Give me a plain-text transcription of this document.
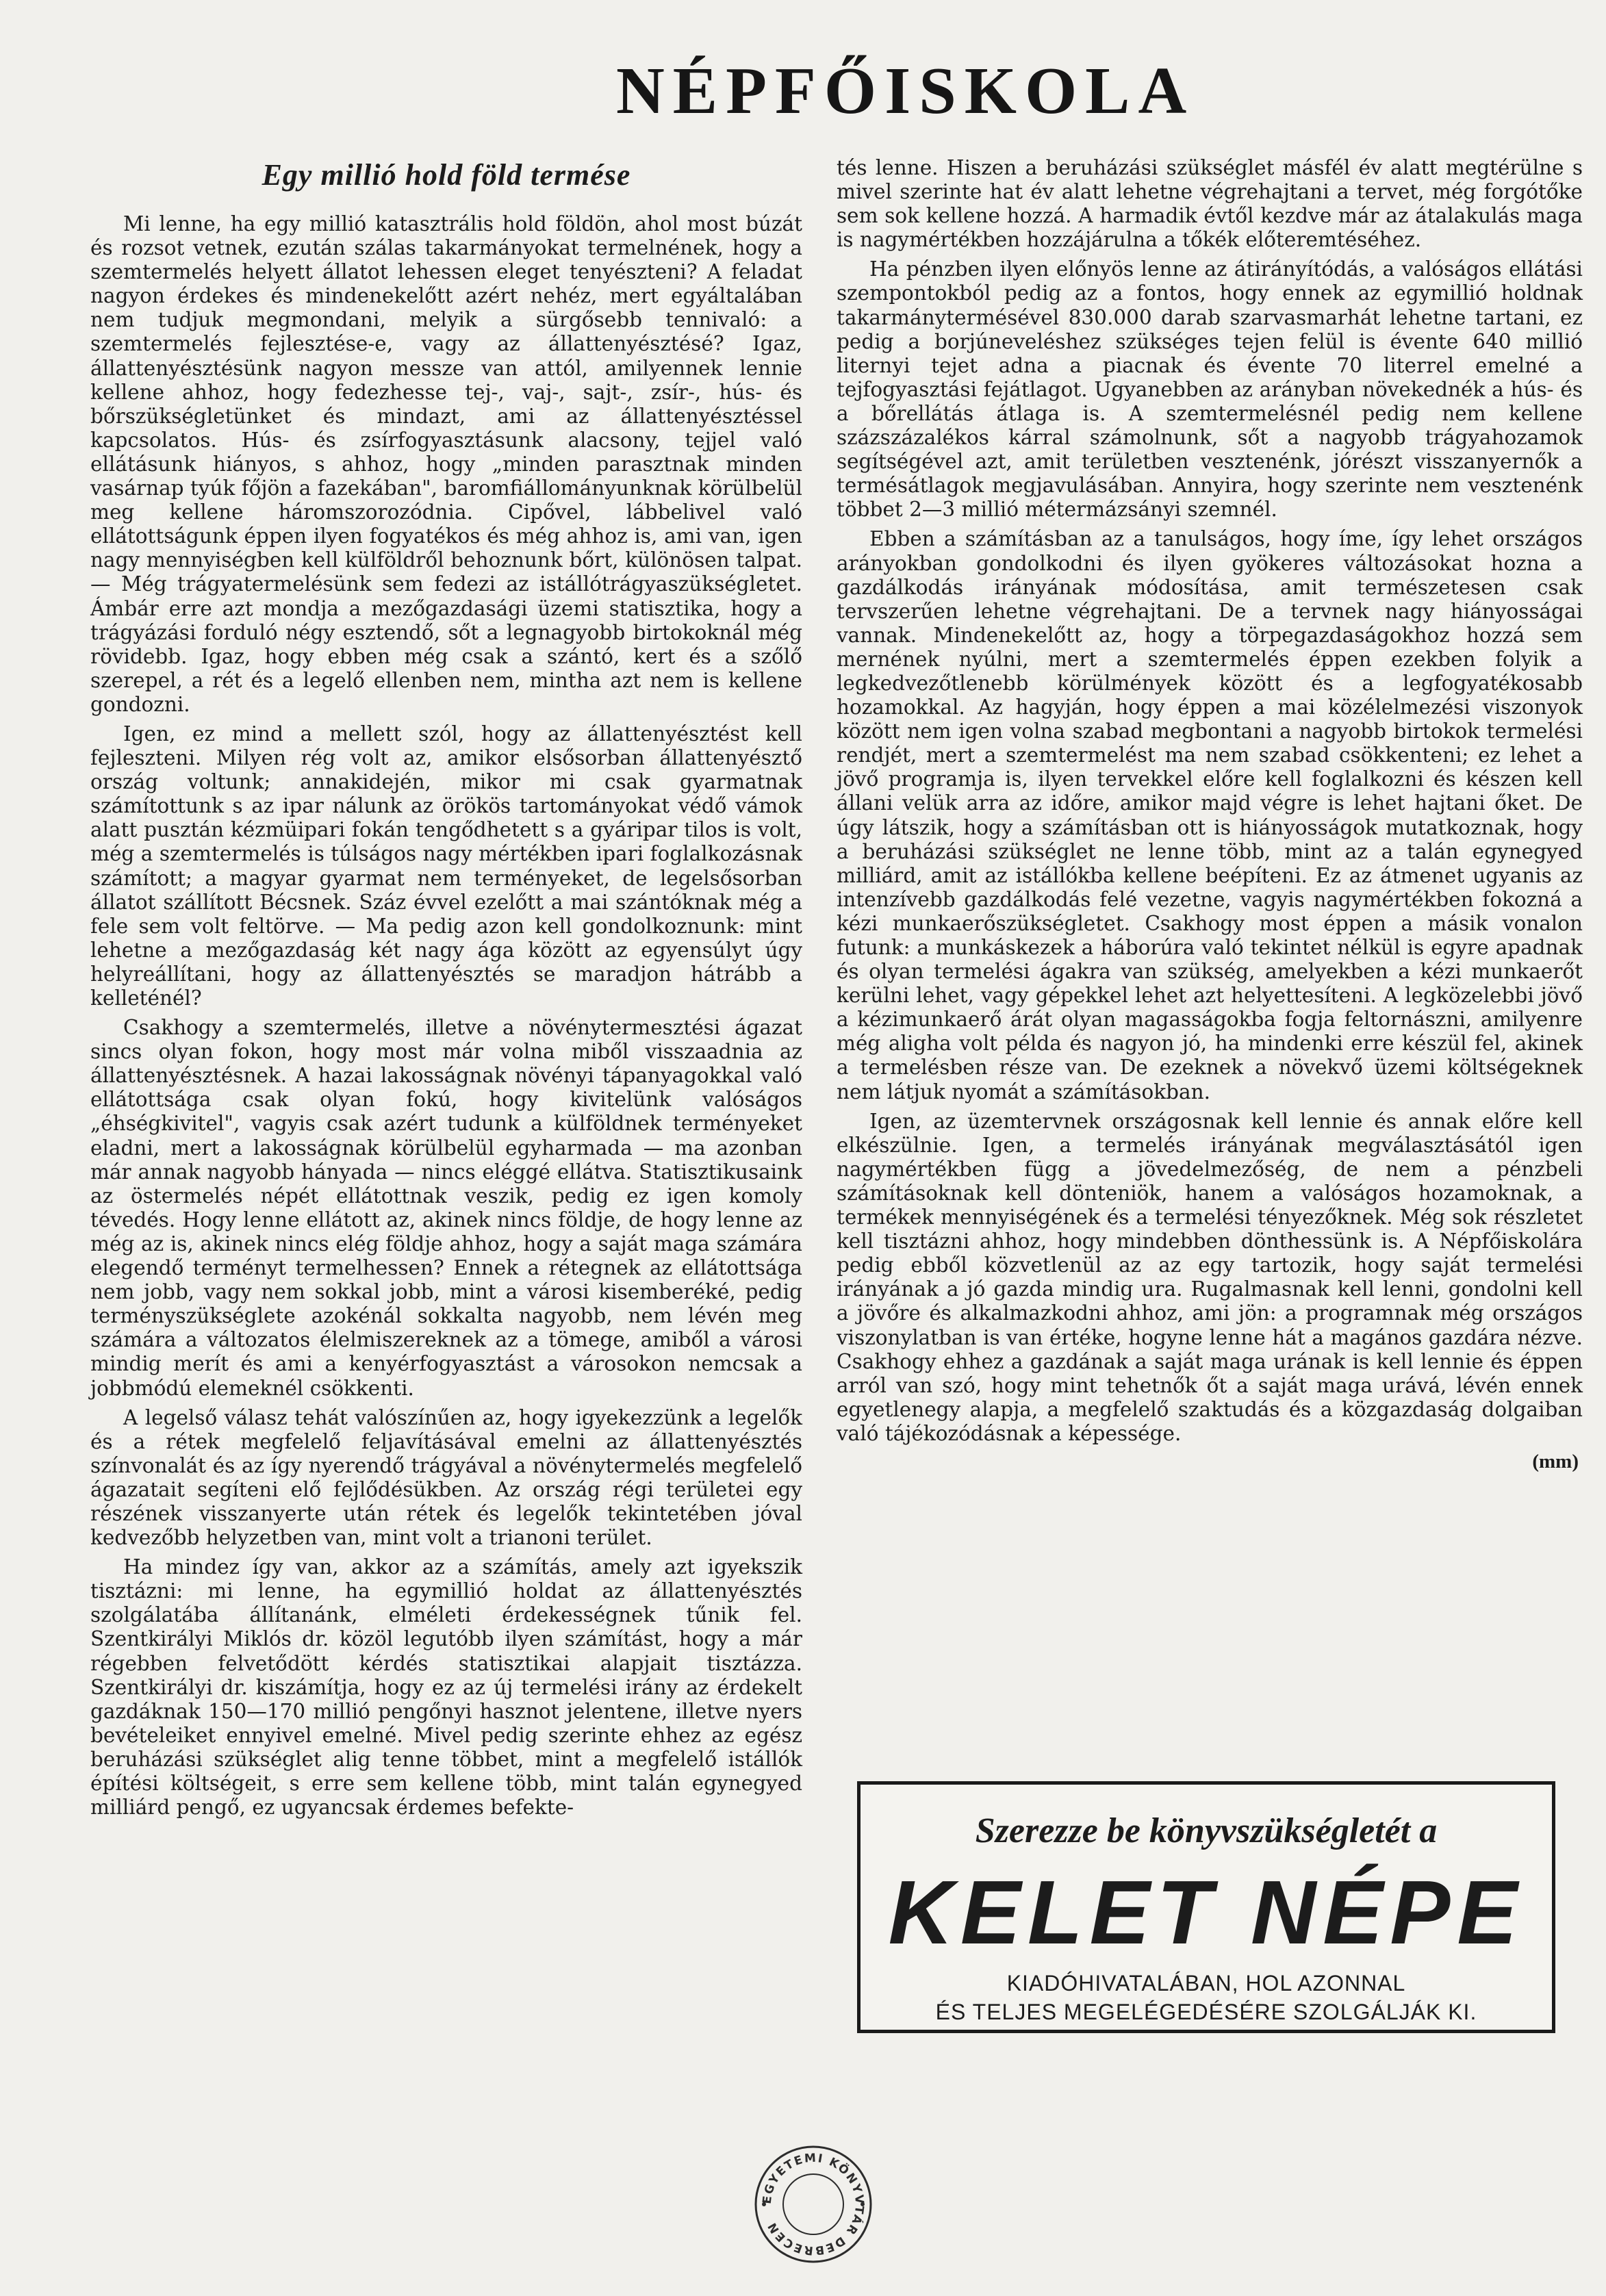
NÉPFŐISKOLA
Egy millió hold föld termése

Mi lenne, ha egy millió katasztrális hold földön, ahol most búzát és rozsot vetnek, ezután szálas takarmányokat termelnének, hogy a szemtermelés helyett állatot lehessen eleget tenyészteni? A feladat nagyon érdekes és mindenekelőtt azért nehéz, mert egyáltalában nem tudjuk megmondani, melyik a sürgősebb tennivaló: a szemtermelés fejlesztése-e, vagy az állattenyésztésé? Igaz, állattenyésztésünk nagyon messze van attól, amilyennek lennie kellene ahhoz, hogy fedezhesse tej-, vaj-, sajt-, zsír-, hús- és bőrszükségletünket és mindazt, ami az állattenyésztéssel kapcsolatos. Hús- és zsírfogyasztásunk alacsony, tejjel való ellátásunk hiányos, s ahhoz, hogy „minden parasztnak minden vasárnap tyúk főjön a fazekában", baromfiállományunknak körülbelül meg kellene háromszorozódnia. Cipővel, lábbelivel való ellátottságunk éppen ilyen fogyatékos és még ahhoz is, ami van, igen nagy mennyiségben kell külföldről behoznunk bőrt, különösen talpat. — Még trágyatermelésünk sem fedezi az istállótrágyaszükségletet. Ámbár erre azt mondja a mezőgazdasági üzemi statisztika, hogy a trágyázási forduló négy esztendő, sőt a legnagyobb birtokoknál még rövidebb. Igaz, hogy ebben még csak a szántó, kert és a szőlő szerepel, a rét és a legelő ellenben nem, mintha azt nem is kellene gondozni.

Igen, ez mind a mellett szól, hogy az állattenyésztést kell fejleszteni. Milyen rég volt az, amikor elsősorban állattenyésztő ország voltunk; annakidején, mikor mi csak gyarmatnak számítottunk s az ipar nálunk az örökös tartományokat védő vámok alatt pusztán kézmüipari fokán tengődhetett s a gyáripar tilos is volt, még a szemtermelés is túlságos nagy mértékben ipari foglalkozásnak számított; a magyar gyarmat nem terményeket, de legelsősorban állatot szállított Bécsnek. Száz évvel ezelőtt a mai szántóknak még a fele sem volt feltörve. — Ma pedig azon kell gondolkoznunk: mint lehetne a mezőgazdaság két nagy ága között az egyensúlyt úgy helyreállítani, hogy az állattenyésztés se maradjon hátrább a kelleténél?

Csakhogy a szemtermelés, illetve a növénytermesztési ágazat sincs olyan fokon, hogy most már volna miből visszaadnia az állattenyésztésnek. A hazai lakosságnak növényi tápanyagokkal való ellátottsága csak olyan fokú, hogy kivitelünk valóságos „éhségkivitel", vagyis csak azért tudunk a külföldnek terményeket eladni, mert a lakosságnak körülbelül egyharmada — ma azonban már annak nagyobb hányada — nincs eléggé ellátva. Statisztikusaink az östermelés népét ellátottnak veszik, pedig ez igen komoly tévedés. Hogy lenne ellátott az, akinek nincs földje, de hogy lenne az még az is, akinek nincs elég földje ahhoz, hogy a saját maga számára elegendő terményt termelhessen? Ennek a rétegnek az ellátottsága nem jobb, vagy nem sokkal jobb, mint a városi kisemberéké, pedig terményszükséglete azokénál sokkalta nagyobb, nem lévén meg számára a változatos élelmiszereknek az a tömege, amiből a városi mindig merít és ami a kenyérfogyasztást a városokon nemcsak a jobbmódú elemeknél csökkenti.

A legelső válasz tehát valószínűen az, hogy igyekezzünk a legelők és a rétek megfelelő feljavításával emelni az állattenyésztés színvonalát és az így nyerendő trágyával a növénytermelés megfelelő ágazatait segíteni elő fejlődésükben. Az ország régi területei egy részének visszanyerte után rétek és legelők tekintetében jóval kedvezőbb helyzetben van, mint volt a trianoni terület.

Ha mindez így van, akkor az a számítás, amely azt igyekszik tisztázni: mi lenne, ha egymillió holdat az állattenyésztés szolgálatába állítanánk, elméleti érdekességnek tűnik fel. Szentkirályi Miklós dr. közöl legutóbb ilyen számítást, hogy a már régebben felvetődött kérdés statisztikai alapjait tisztázza. Szentkirályi dr. kiszámítja, hogy ez az új termelési irány az érdekelt gazdáknak 150—170 millió pengőnyi hasznot jelentene, illetve nyers bevételeiket ennyivel emelné. Mivel pedig szerinte ehhez az egész beruházási szükséglet alig tenne többet, mint a megfelelő istállók építési költségeit, s erre sem kellene több, mint talán egynegyed milliárd pengő, ez ugyancsak érdemes befekte-

tés lenne. Hiszen a beruházási szükséglet másfél év alatt megtérülne s mivel szerinte hat év alatt lehetne végrehajtani a tervet, még forgótőke sem sok kellene hozzá. A harmadik évtől kezdve már az átalakulás maga is nagymértékben hozzájárulna a tőkék előteremtéséhez.

Ha pénzben ilyen előnyös lenne az átirányítódás, a valóságos ellátási szempontokból pedig az a fontos, hogy ennek az egymillió holdnak takarmánytermésével 830.000 darab szarvasmarhát lehetne tartani, ez pedig a borjúneveléshez szükséges tejen felül is évente 640 millió liternyi tejet adna a piacnak és évente 70 literrel emelné a tejfogyasztási fejátlagot. Ugyanebben az arányban növekednék a hús- és a bőrellátás átlaga is. A szemtermelésnél pedig nem kellene százszázalékos kárral számolnunk, sőt a nagyobb trágyahozamok segítségével azt, amit területben vesztenénk, jórészt visszanyernők a termésátlagok megjavulásában. Annyira, hogy szerinte nem vesztenénk többet 2—3 millió métermázsányi szemnél.

Ebben a számításban az a tanulságos, hogy íme, így lehet országos arányokban gondolkodni és ilyen gyökeres változásokat hozna a gazdálkodás irányának módosítása, amit természetesen csak tervszerűen lehetne végrehajtani. De a tervnek nagy hiányosságai vannak. Mindenekelőtt az, hogy a törpegazdaságokhoz hozzá sem mernének nyúlni, mert a szemtermelés éppen ezekben folyik a legkedvezőtlenebb körülmények között és a legfogyatékosabb hozamokkal. Az hagyján, hogy éppen a mai közélelmezési viszonyok között nem igen volna szabad megbontani a nagyobb birtokok termelési rendjét, mert a szemtermelést ma nem szabad csökkenteni; ez lehet a jövő programja is, ilyen tervekkel előre kell foglalkozni és készen kell állani velük arra az időre, amikor majd végre is lehet hajtani őket. De úgy látszik, hogy a számításban ott is hiányosságok mutatkoznak, hogy a beruházási szükséglet ne lenne több, mint az a talán egynegyed milliárd, amit az istállókba kellene beépíteni. Ez az átmenet ugyanis az intenzívebb gazdálkodás felé vezetne, vagyis nagymértékben fokozná a kézi munkaerőszükségletet. Csakhogy most éppen a másik vonalon futunk: a munkáskezek a háborúra való tekintet nélkül is egyre apadnak és olyan termelési ágakra van szükség, amelyekben a kézi munkaerőt kerülni lehet, vagy gépekkel lehet azt helyettesíteni. A legközelebbi jövő a kézimunkaerő árát olyan magasságokba fogja feltornászni, amilyenre még aligha volt példa és nagyon jó, ha mindenki erre készül fel, akinek a termelésben része van. De ezeknek a növekvő üzemi költségeknek nem látjuk nyomát a számításokban.

Igen, az üzemtervnek országosnak kell lennie és annak előre kell elkészülnie. Igen, a termelés irányának megválasztásától igen nagymértékben függ a jövedelmezőség, de nem a pénzbeli számításoknak kell dönteniök, hanem a valóságos hozamoknak, a termékek mennyiségének és a termelési tényezőknek. Még sok részletet kell tisztázni ahhoz, hogy mindebben dönthessünk is. A Népfőiskolára pedig ebből közvetlenül az az egy tartozik, hogy saját termelési irányának a jó gazda mindig ura. Rugalmasnak kell lenni, gondolni kell a jövőre és alkalmazkodni ahhoz, ami jön: a programnak még országos viszonylatban is van értéke, hogyne lenne hát a magános gazdára nézve. Csakhogy ehhez a gazdának a saját maga urának is kell lennie és éppen arról van szó, hogy mint tehetnők őt a saját maga urává, lévén ennek egyetlenegy alapja, a megfelelő szaktudás és a közgazdaság dolgaiban való tájékozódásnak a képessége.

(mm)

Szerezze be könyvszükségletét a

KELET NÉPE

KIADÓHIVATALÁBAN, HOL AZONNAL

ÉS TELJES MEGELÉGEDÉSÉRE SZOLGÁLJÁK KI.

EGYETEMI KÖNYVTÁR DEBRECEN
